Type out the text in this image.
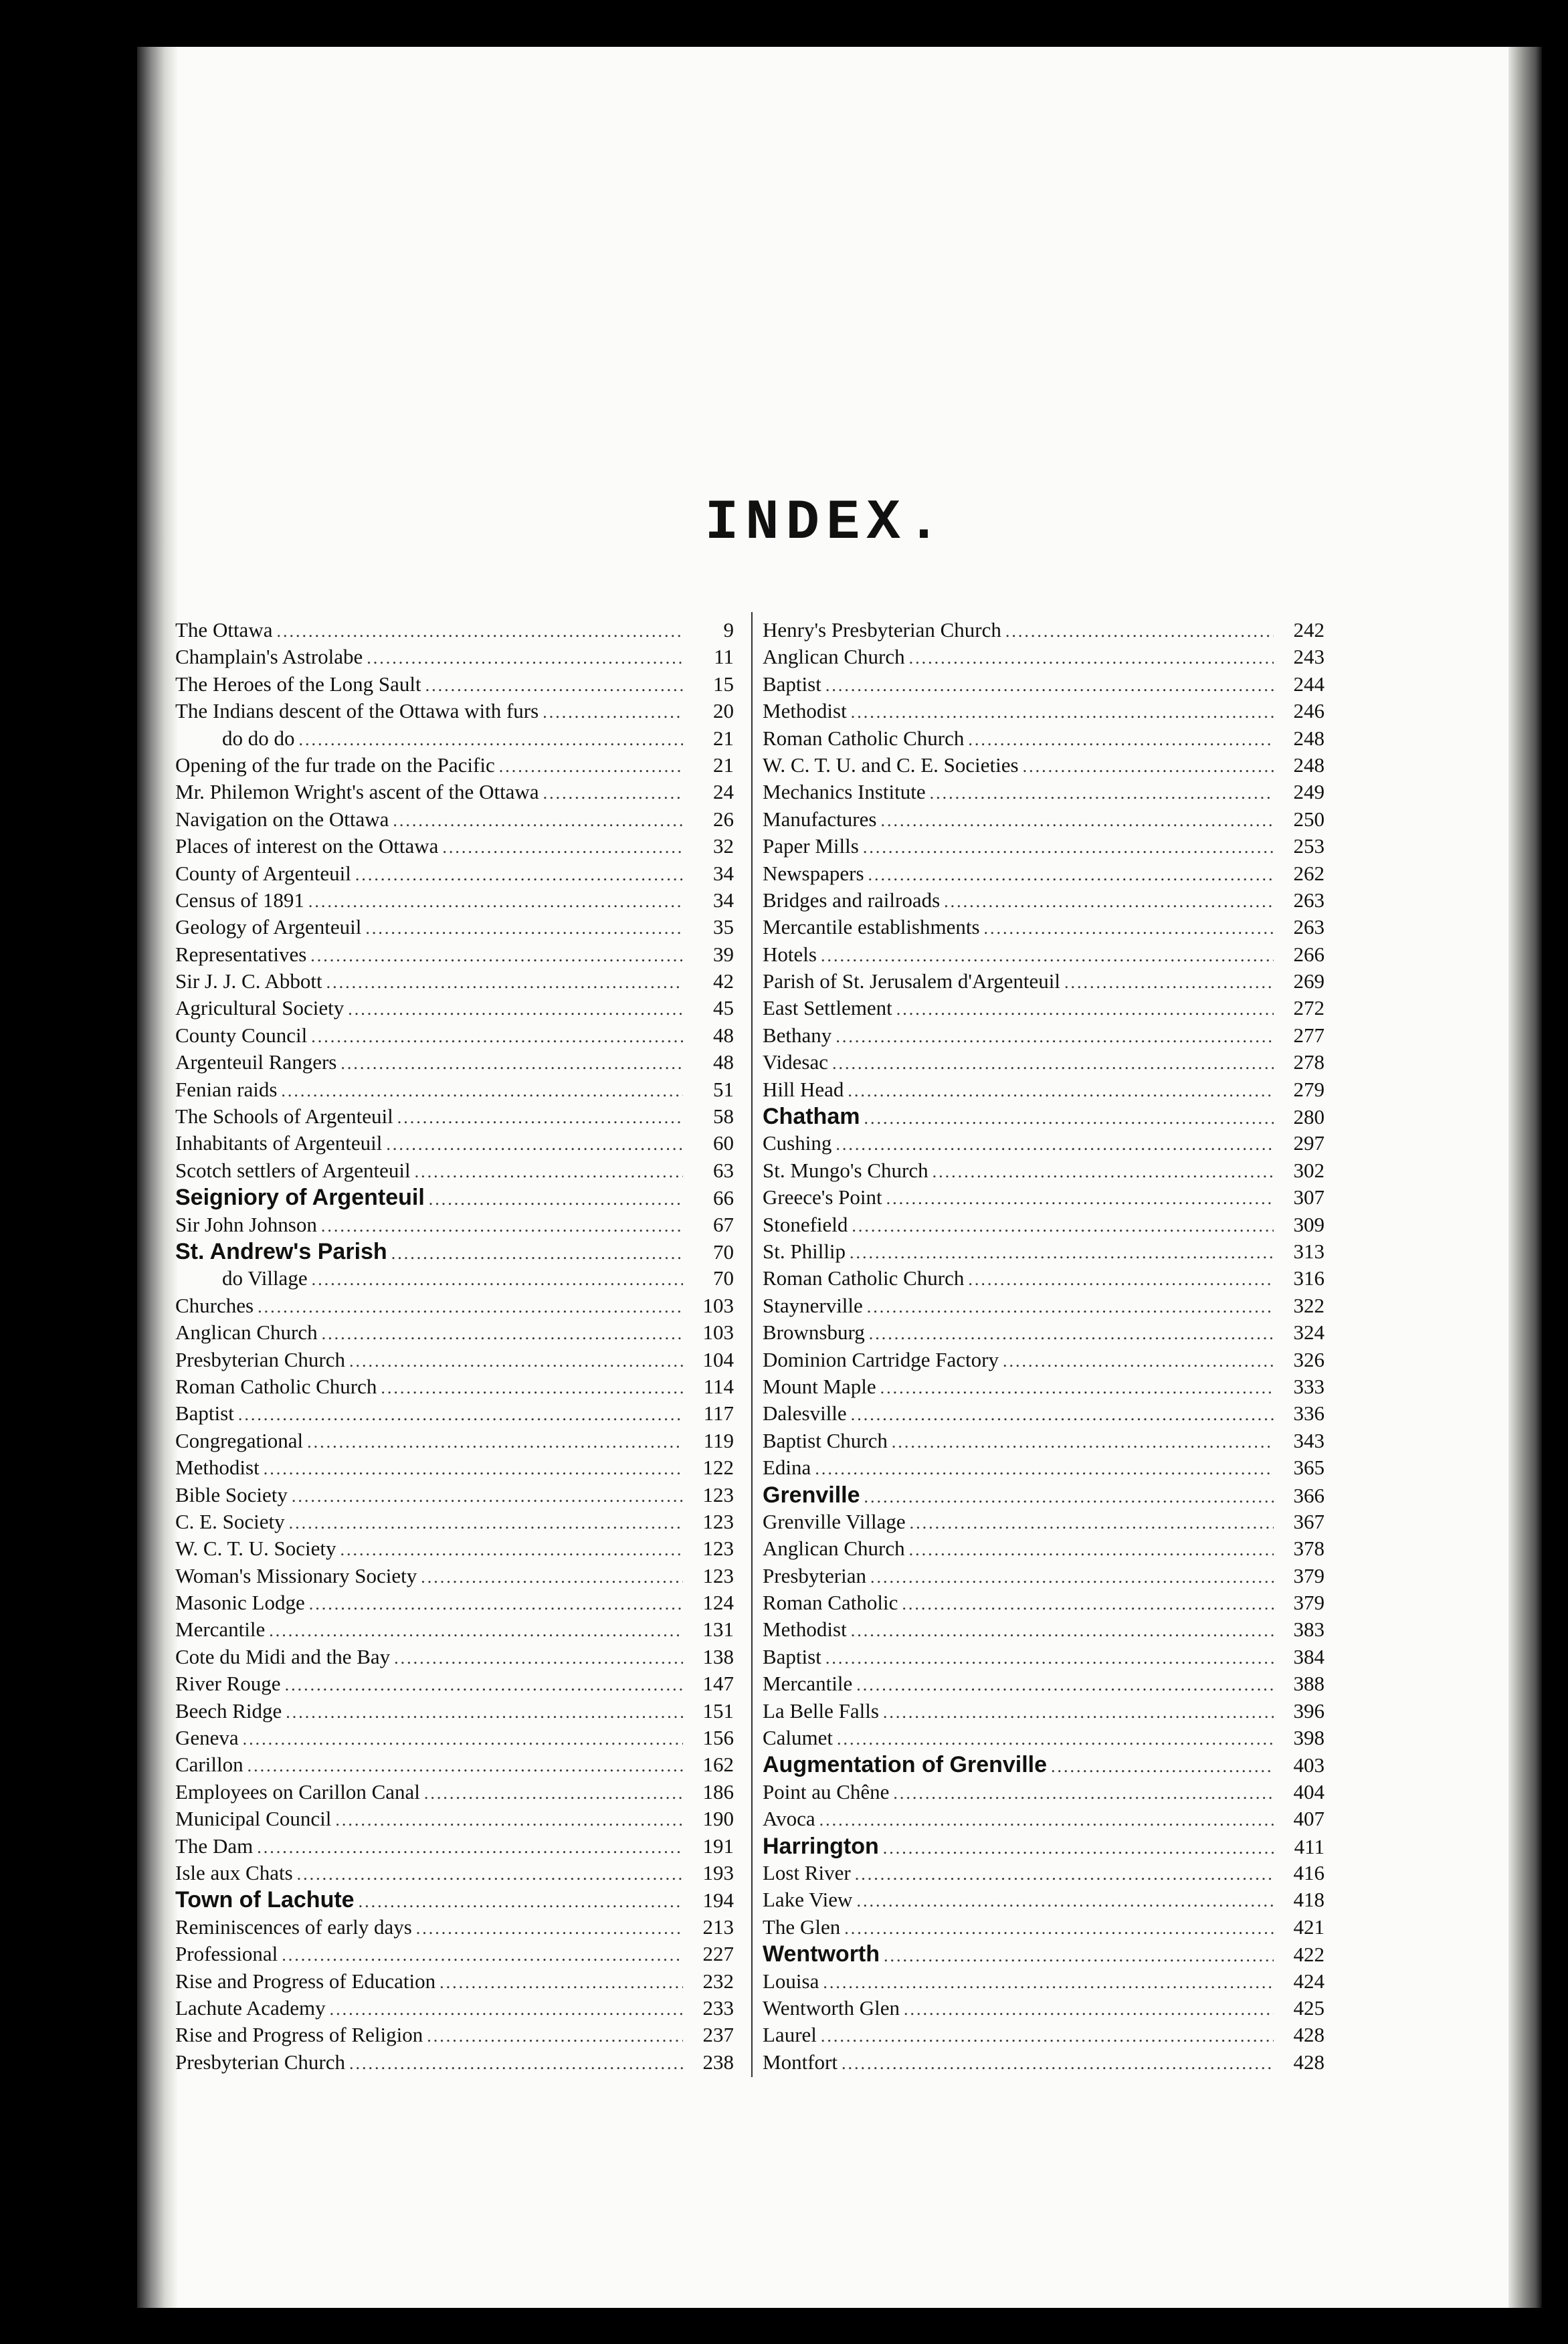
INDEX.
The Ottawa .....	9
Champlain's Astrolabe .....	11
The Heroes of the Long Sault .....	15
The Indians descent of the Ottawa with furs .....	20
do do do .....	21
Opening of the fur trade on the Pacific .....	21
Mr. Philemon Wright's ascent of the Ottawa .....	24
Navigation on the Ottawa .....	26
Places of interest on the Ottawa .....	32
County of Argenteuil .....	34
Census of 1891 .....	34
Geology of Argenteuil .....	35
Representatives .....	39
Sir J. J. C. Abbott .....	42
Agricultural Society .....	45
County Council .....	48
Argenteuil Rangers .....	48
Fenian raids .....	51
The Schools of Argenteuil .....	58
Inhabitants of Argenteuil .....	60
Scotch settlers of Argenteuil .....	63
Seigniory of Argenteuil .....	66
Sir John Johnson .....	67
St. Andrew's Parish .....	70
do Village .....	70
Churches .....	103
Anglican Church .....	103
Presbyterian Church .....	104
Roman Catholic Church .....	114
Baptist .....	117
Congregational .....	119
Methodist .....	122
Bible Society .....	123
C. E. Society .....	123
W. C. T. U. Society .....	123
Woman's Missionary Society .....	123
Masonic Lodge .....	124
Mercantile .....	131
Cote du Midi and the Bay .....	138
River Rouge .....	147
Beech Ridge .....	151
Geneva .....	156
Carillon .....	162
Employees on Carillon Canal .....	186
Municipal Council .....	190
The Dam .....	191
Isle aux Chats .....	193
Town of Lachute .....	194
Reminiscences of early days .....	213
Professional .....	227
Rise and Progress of Education .....	232
Lachute Academy .....	233
Rise and Progress of Religion .....	237
Presbyterian Church .....	238
Henry's Presbyterian Church .....	242
Anglican Church .....	243
Baptist .....	244
Methodist .....	246
Roman Catholic Church .....	248
W. C. T. U. and C. E. Societies .....	248
Mechanics Institute .....	249
Manufactures .....	250
Paper Mills .....	253
Newspapers .....	262
Bridges and railroads .....	263
Mercantile establishments .....	263
Hotels .....	266
Parish of St. Jerusalem d'Argenteuil .....	269
East Settlement .....	272
Bethany .....	277
Videsac .....	278
Hill Head .....	279
Chatham .....	280
Cushing .....	297
St. Mungo's Church .....	302
Greece's Point .....	307
Stonefield .....	309
St. Phillip .....	313
Roman Catholic Church .....	316
Staynerville .....	322
Brownsburg .....	324
Dominion Cartridge Factory .....	326
Mount Maple .....	333
Dalesville .....	336
Baptist Church .....	343
Edina .....	365
Grenville .....	366
Grenville Village .....	367
Anglican Church .....	378
Presbyterian .....	379
Roman Catholic .....	379
Methodist .....	383
Baptist .....	384
Mercantile .....	388
La Belle Falls .....	396
Calumet .....	398
Augmentation of Grenville .....	403
Point au Chêne .....	404
Avoca .....	407
Harrington .....	411
Lost River .....	416
Lake View .....	418
The Glen .....	421
Wentworth .....	422
Louisa .....	424
Wentworth Glen .....	425
Laurel .....	428
Montfort .....	428
